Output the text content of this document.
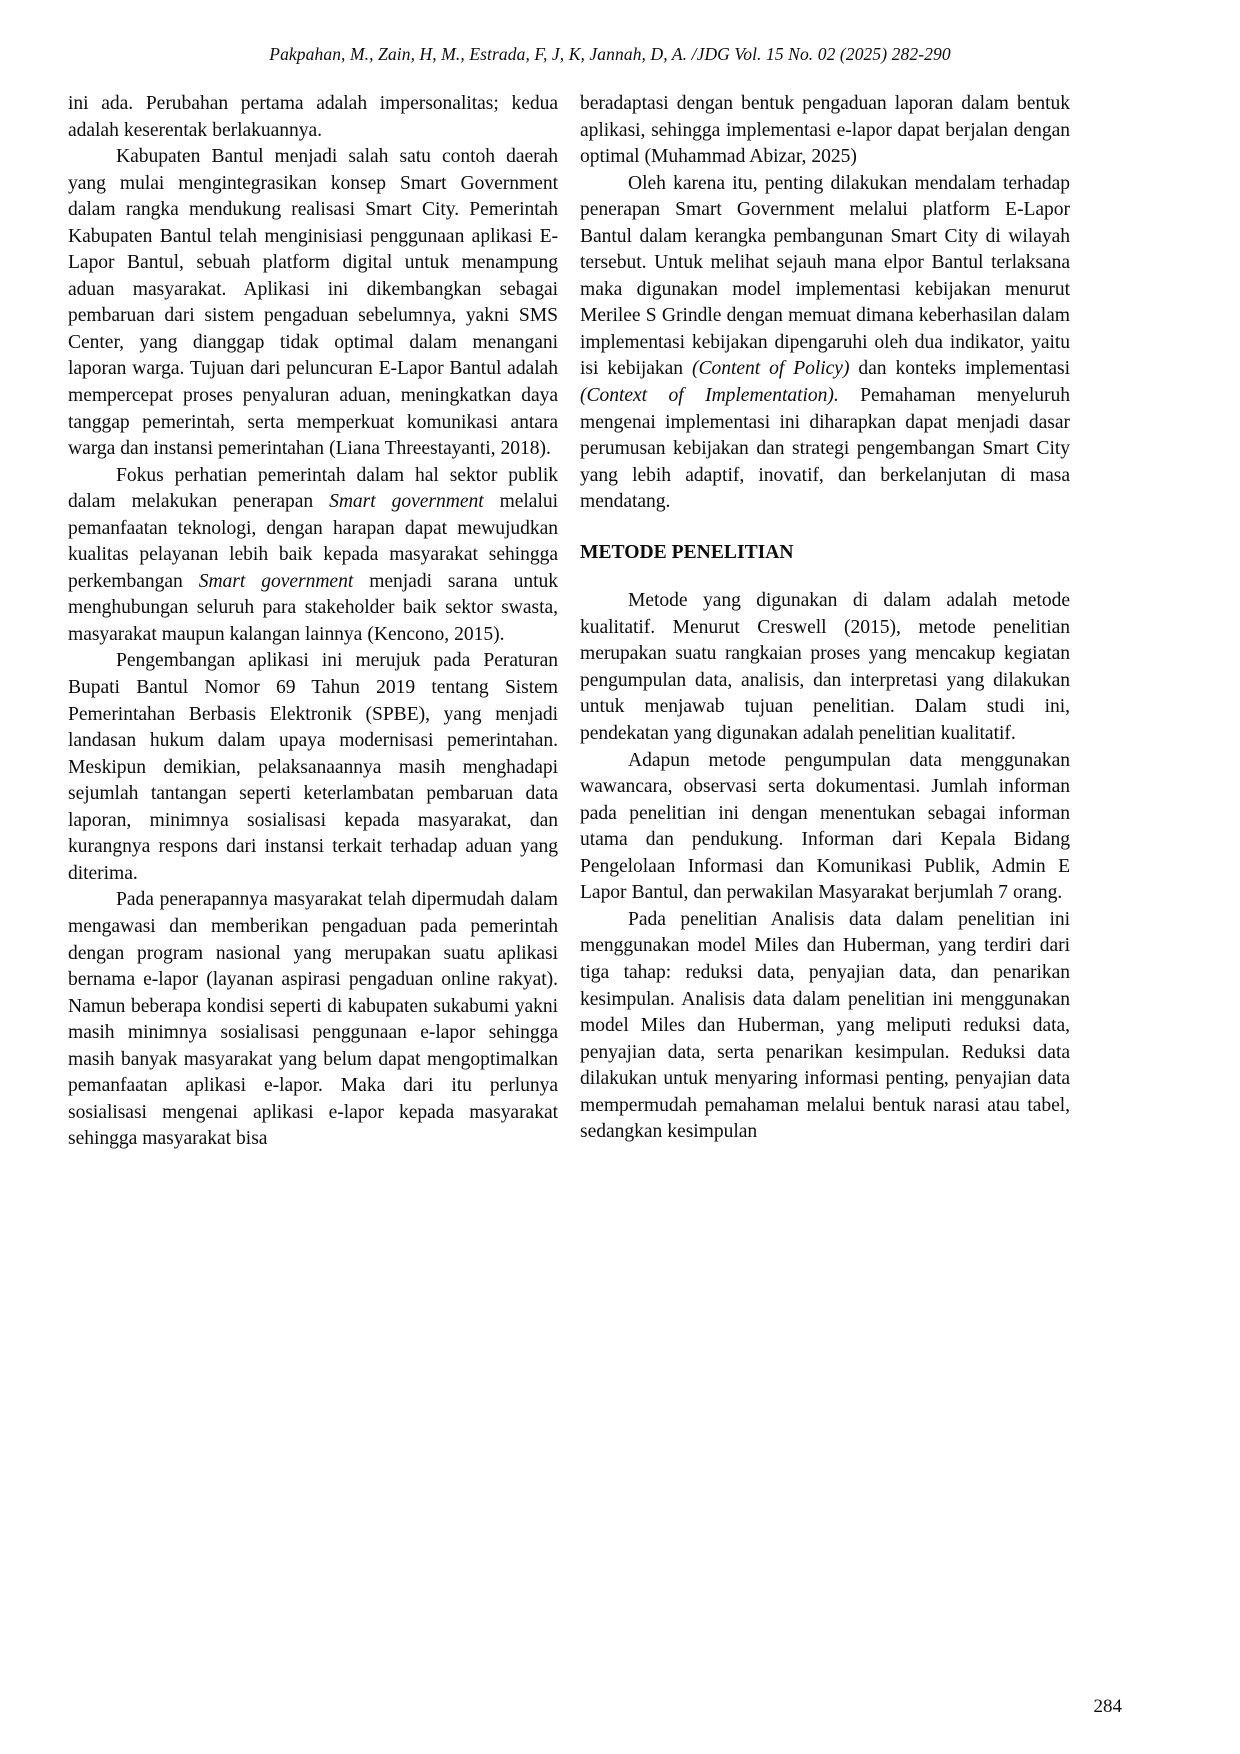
Pakpahan, M., Zain, H, M., Estrada, F, J, K, Jannah, D, A. /JDG Vol. 15 No. 02 (2025) 282-290

ini ada. Perubahan pertama adalah impersonalitas; kedua adalah keserentak berlakuannya.

Kabupaten Bantul menjadi salah satu contoh daerah yang mulai mengintegrasikan konsep Smart Government dalam rangka mendukung realisasi Smart City. Pemerintah Kabupaten Bantul telah menginisiasi penggunaan aplikasi E-Lapor Bantul, sebuah platform digital untuk menampung aduan masyarakat. Aplikasi ini dikembangkan sebagai pembaruan dari sistem pengaduan sebelumnya, yakni SMS Center, yang dianggap tidak optimal dalam menangani laporan warga. Tujuan dari peluncuran E-Lapor Bantul adalah mempercepat proses penyaluran aduan, meningkatkan daya tanggap pemerintah, serta memperkuat komunikasi antara warga dan instansi pemerintahan (Liana Threestayanti, 2018).

Fokus perhatian pemerintah dalam hal sektor publik dalam melakukan penerapan Smart government melalui pemanfaatan teknologi, dengan harapan dapat mewujudkan kualitas pelayanan lebih baik kepada masyarakat sehingga perkembangan Smart government menjadi sarana untuk menghubungan seluruh para stakeholder baik sektor swasta, masyarakat maupun kalangan lainnya (Kencono, 2015).

Pengembangan aplikasi ini merujuk pada Peraturan Bupati Bantul Nomor 69 Tahun 2019 tentang Sistem Pemerintahan Berbasis Elektronik (SPBE), yang menjadi landasan hukum dalam upaya modernisasi pemerintahan. Meskipun demikian, pelaksanaannya masih menghadapi sejumlah tantangan seperti keterlambatan pembaruan data laporan, minimnya sosialisasi kepada masyarakat, dan kurangnya respons dari instansi terkait terhadap aduan yang diterima.

Pada penerapannya masyarakat telah dipermudah dalam mengawasi dan memberikan pengaduan pada pemerintah dengan program nasional yang merupakan suatu aplikasi bernama e-lapor (layanan aspirasi pengaduan online rakyat). Namun beberapa kondisi seperti di kabupaten sukabumi yakni masih minimnya sosialisasi penggunaan e-lapor sehingga masih banyak masyarakat yang belum dapat mengoptimalkan pemanfaatan aplikasi e-lapor. Maka dari itu perlunya sosialisasi mengenai aplikasi e-lapor kepada masyarakat sehingga masyarakat bisa

beradaptasi dengan bentuk pengaduan laporan dalam bentuk aplikasi, sehingga implementasi e-lapor dapat berjalan dengan optimal (Muhammad Abizar, 2025)

Oleh karena itu, penting dilakukan mendalam terhadap penerapan Smart Government melalui platform E-Lapor Bantul dalam kerangka pembangunan Smart City di wilayah tersebut. Untuk melihat sejauh mana elpor Bantul terlaksana maka digunakan model implementasi kebijakan menurut Merilee S Grindle dengan memuat dimana keberhasilan dalam implementasi kebijakan dipengaruhi oleh dua indikator, yaitu isi kebijakan (Content of Policy) dan konteks implementasi (Context of Implementation). Pemahaman menyeluruh mengenai implementasi ini diharapkan dapat menjadi dasar perumusan kebijakan dan strategi pengembangan Smart City yang lebih adaptif, inovatif, dan berkelanjutan di masa mendatang.

METODE PENELITIAN

Metode yang digunakan di dalam adalah metode kualitatif. Menurut Creswell (2015), metode penelitian merupakan suatu rangkaian proses yang mencakup kegiatan pengumpulan data, analisis, dan interpretasi yang dilakukan untuk menjawab tujuan penelitian. Dalam studi ini, pendekatan yang digunakan adalah penelitian kualitatif.

Adapun metode pengumpulan data menggunakan wawancara, observasi serta dokumentasi. Jumlah informan pada penelitian ini dengan menentukan sebagai informan utama dan pendukung. Informan dari Kepala Bidang Pengelolaan Informasi dan Komunikasi Publik, Admin E Lapor Bantul, dan perwakilan Masyarakat berjumlah 7 orang.

Pada penelitian Analisis data dalam penelitian ini menggunakan model Miles dan Huberman, yang terdiri dari tiga tahap: reduksi data, penyajian data, dan penarikan kesimpulan. Analisis data dalam penelitian ini menggunakan model Miles dan Huberman, yang meliputi reduksi data, penyajian data, serta penarikan kesimpulan. Reduksi data dilakukan untuk menyaring informasi penting, penyajian data mempermudah pemahaman melalui bentuk narasi atau tabel, sedangkan kesimpulan

284
